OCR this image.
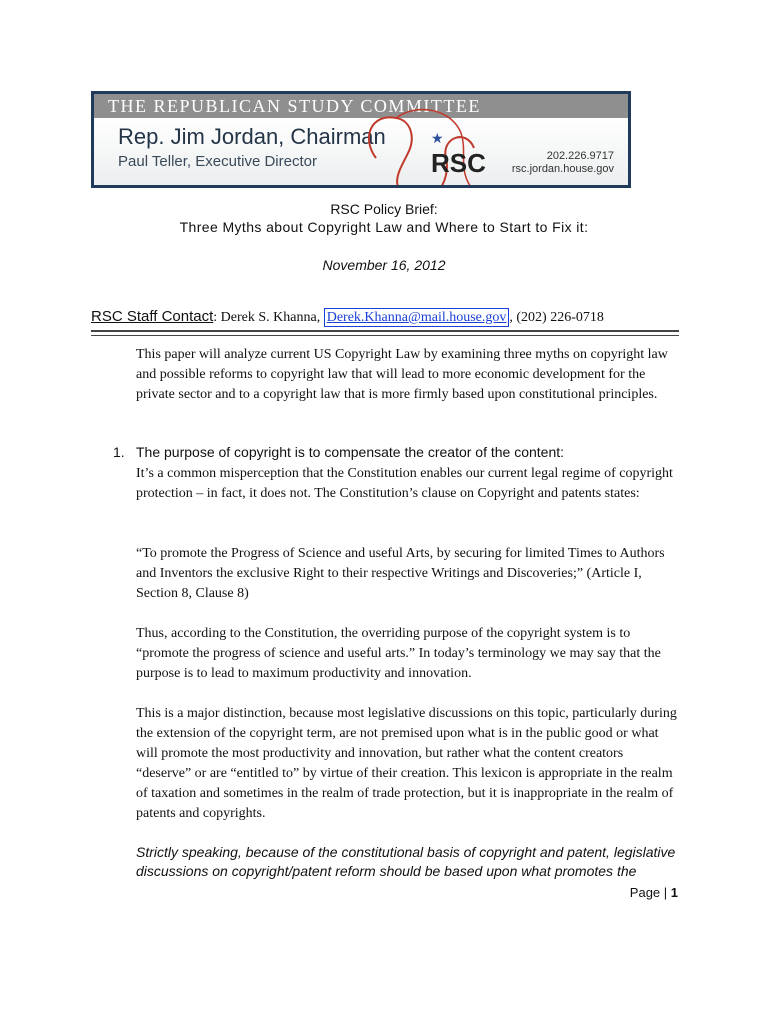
THE REPUBLICAN STUDY COMMITTEE
Rep. Jim Jordan, Chairman
Paul Teller, Executive Director
★
RSC	202.226.9717
rsc.jordan.house.gov
RSC Policy Brief:
Three Myths about Copyright Law and Where to Start to Fix it:
November 16, 2012
RSC Staff Contact: Derek S. Khanna, Derek.Khanna@mail.house.gov , (202) 226-0718
This paper will analyze current US Copyright Law by examining three myths on copyright law and possible reforms to copyright law that will lead to more economic development for the private sector and to a copyright law that is more firmly based upon constitutional principles.
1. The purpose of copyright is to compensate the creator of the content:
It’s a common misperception that the Constitution enables our current legal regime of copyright protection – in fact, it does not. The Constitution’s clause on Copyright and patents states:
“To promote the Progress of Science and useful Arts, by securing for limited Times to Authors and Inventors the exclusive Right to their respective Writings and Discoveries;” (Article I, Section 8, Clause 8)
Thus, according to the Constitution, the overriding purpose of the copyright system is to “promote the progress of science and useful arts.” In today’s terminology we may say that the purpose is to lead to maximum productivity and innovation.
This is a major distinction, because most legislative discussions on this topic, particularly during the extension of the copyright term, are not premised upon what is in the public good or what will promote the most productivity and innovation, but rather what the content creators “deserve” or are “entitled to” by virtue of their creation. This lexicon is appropriate in the realm of taxation and sometimes in the realm of trade protection, but it is inappropriate in the realm of patents and copyrights.
Strictly speaking, because of the constitutional basis of copyright and patent, legislative discussions on copyright/patent reform should be based upon what promotes the
Page | 1
